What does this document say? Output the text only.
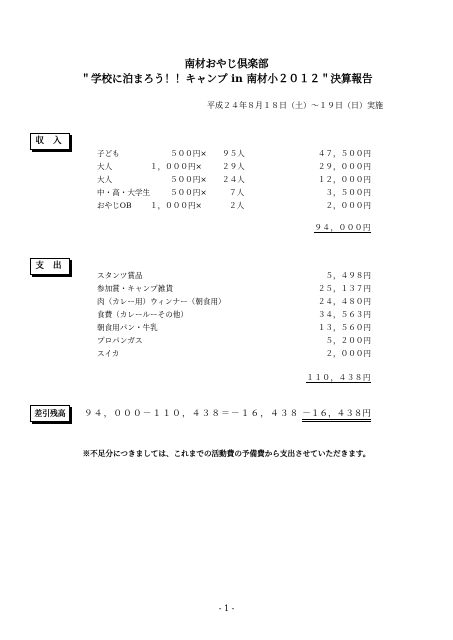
南材おやじ倶楽部
＂学校に泊まろう！！キャンプ in 南材小２０１２＂決算報告
平成２４年８月１８日（土）～１９日（日）実施
収 入
子ども	５００円× ９５人	４７，５００円
大人	１，０００円×	２９人	２９，０００円
大人	５００円× ２４人	１２，０００円
中・高・大学生	５００円×	７人	３，５００円
おやじOB １，０００円×	２人	２，０００円
９４，０００円
支 出
スタンツ賞品	５，４９８円
参加賞・キャンプ雑貨	２５，１３７円
肉（カレー用）ウィンナー（朝食用）	２４，４８０円
食費（カレールーその他）	３４，５６３円
朝食用パン・牛乳	１３，５６０円
プロパンガス	５，２００円
スイカ	２，０００円
１１０，４３８円
差引残高	９４，０００－１１０，４３８＝－１６，４３８ －１６，４３８円
※不足分につきましては、これまでの活動費の予備費から支出させていただきます。
- 1 -
